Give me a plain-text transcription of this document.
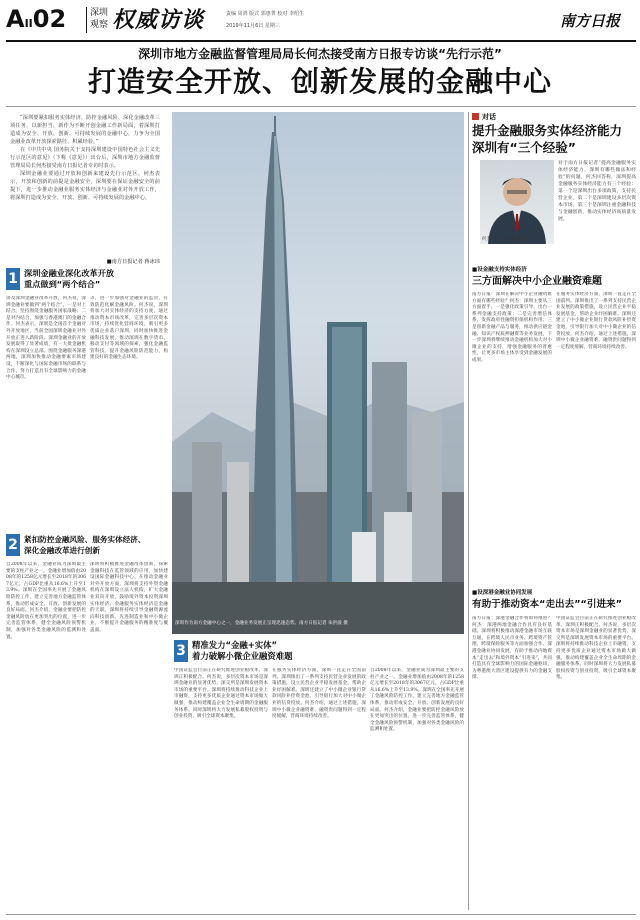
AII02	深圳
观察 权威访谈	责编 周鸿 版式 郭惠菁 校对 李绍生
2019年11月6日 星期三	南方日报
深圳市地方金融监督管理局局长何杰接受南方日报专访谈“先行示范”
打造安全开放、创新发展的金融中心

“深圳要紧扣服务实体经济、防控金融风险、深化金融改革三项任务，以新担当、新作为不断开创金融工作新局面，着深圳打造成为安全、开放、创新、可持续发展的金融中心，力争为全国金融业改革开放探索路径、积累经验。”

在《中共中央 国务院关于支持深圳建设中国特色社会主义先行示范区的意见》（下称《意见》）出台后，深圳市地方金融监督管理局局长何杰接受南方日报记者专访时表示。

深圳金融业要通过开放和创新来建设先行示范区。何杰表示，开放和创新的前提是金融安全，深圳要在保证金融安全的前提下，进一步推动金融业服务实体经济与金融业对外开放工作，将深圳打造成为安全、开放、创新、可持续发展的金融中心。

■南方日报记者 蒋冰玮
深圳作为南方金融中心之一，金融业务发展正呈现迅速态势。南方日报记者 朱洪波 摄
对话
提升金融服务实体经济能力 深圳有“三个经验”
何杰	朱洪波 摄
对于南方日报记者“提高金融服务实体经济能力，深圳有哪些做法和经验”的问题，何杰回答称，深圳提高金融服务实体经济能力有三个经验：第一个是深圳出台多项政策，支持民营企业。第二个是深圳建设多层次资本市场。第三个是深圳注重金融科技与金融创新，推动实体经济高质量发展。
■设金融支持实体经济
三方面解决中小企业融资难题
南方日报：深圳在解决中小企业融资难方面有哪些经验？何杰：深圳主要从三方面着手。一是强化政策引导，出台一系列金融支持政策；二是完善增信体系，发挥政府性融资担保机构作用；三是创新金融产品与服务，推动供应链金融、知识产权质押融资等业务发展。下一步深圳将继续推动金融机构加大对小微企业的支持，增强金融服务的普惠性，让更多市场主体享受到金融发展的成果。
在服务实体经济方面，深圳一直走在全国前列。深圳推出了一系列支持民营企业发展的政策措施，设立民营企业平稳发展基金，帮助企业纾困解难。深圳还建立了中小微企业银行贷款风险补偿资金池，引导银行加大对中小微企业的信贷投放。何杰介绍，通过上述措施，深圳中小微企业融资难、融资贵问题得到一定程度缓解，营商环境持续改善。
■设深港金融业协同发展
有助于推动资本“走出去”“引进来”
南方日报：深港金融合作将如何推进？何杰：深港两地金融合作具有良好基础。深圳将积极推动深港金融市场互联互通，在跨境人民币业务、跨境资产管理、跨境保险服务等方面加强合作。深港金融业协同发展，有助于推动内地资本“走出去”和境外资本“引进来”，共同打造具有全球影响力的国际金融枢纽，为粤港澳大湾区建设提供有力的金融支撑。
中国证监会目前正在研究推进创业板改革，深圳正积极配合。何杰说，多层次资本市场是深圳金融业的显著优势，深交所是深圳发展资本市场的重要平台。深圳将持续推动科技企业上市融资，支持更多优质企业通过资本市场做大做强，推动构建覆盖企业全生命周期的金融服务体系。同时深圳将大力发展私募股权投资与创业投资，吸引全球资本聚集。
1 深圳金融业深化改革开放
重点做到“两个结合”
谈及深圳金融业改革开放，何杰说，深圳金融业要做到“两个结合”。一是对上结合，坚持围绕金融服务国家战略；二是对内结合，加强与香港澳门的金融合作。何杰表示，深圳是全国首个金融对外开放地区，当前全国深圳金融业对外开放正进入新阶段。深圳金融业的开放发展取得了显著成绩，有一大批金融机构在深圳设立总部。围绕金融服务深港两地，深圳加快推动金融要素市场建设，不断深化与国际金融市场的联系与合作，努力打造具有全球影响力的金融中心城市。
等，进一步加强对金融业的监管，有效防范化解金融风险。何杰说，深圳将加大对实体经济的支持力度，通过推动资本市场改革，完善多层次资本市场，持续优化营商环境，吸引更多优质企业落户深圳，同时加快推进金融科技发展，推动深圳在数字货币、移动支付等领域的探索，强化金融监管科技，提升金融风险防范能力，构建良好的金融生态环境。
2 紧扣防控金融风险、服务实体经济、
深化金融改革进行创新
自2008年以来，金融业成为深圳最主要的支柱产业之一。金融业增加值由2008年的1258亿元增长至2018年的3067亿元，占GDP比重从16.6%上升至13.9%。深圳在全国率先开展了金融风险防控工作，建立完善地方金融监管体系，推动形成安全、开放、创新发展的良好局面。何杰介绍，金融业要把防控金融风险放在更加突出的位置，进一步完善监管体系，健全金融风险预警机制，加强对各类金融风险的监测和处置。
深圳将积极推进金融改革创新，探索金融科技在监管领域的应用，加快建设国际金融科技中心。在推动金融业对外开放方面，深圳将支持外资金融机构在深圳设立法人机构，扩大金融业双向开放，鼓励境外资本投资深圳实体经济。金融服务实体经济是金融的天职，深圳将持续引导金融资源流向科技创新、先进制造业和中小微企业，不断提升金融服务的精准度与覆盖面。
3 精准发力“金融+实体”
着力破解小微企业融资难题
中国证监会目前正在研究推进创业板改革，深圳正积极配合。何杰说，多层次资本市场是深圳金融业的显著优势，深交所是深圳发展资本市场的重要平台。深圳将持续推动科技企业上市融资，支持更多优质企业通过资本市场做大做强，推动构建覆盖企业全生命周期的金融服务体系。同时深圳将大力发展私募股权投资与创业投资，吸引全球资本聚集。
在服务实体经济方面，深圳一直走在全国前列。深圳推出了一系列支持民营企业发展的政策措施，设立民营企业平稳发展基金，帮助企业纾困解难。深圳还建立了中小微企业银行贷款风险补偿资金池，引导银行加大对中小微企业的信贷投放。何杰介绍，通过上述措施，深圳中小微企业融资难、融资贵问题得到一定程度缓解，营商环境持续改善。
自2008年以来，金融业成为深圳最主要的支柱产业之一。金融业增加值由2008年的1258亿元增长至2018年的3067亿元，占GDP比重从16.6%上升至13.9%。深圳在全国率先开展了金融风险防控工作，建立完善地方金融监管体系，推动形成安全、开放、创新发展的良好局面。何杰介绍，金融业要把防控金融风险放在更加突出的位置，进一步完善监管体系，健全金融风险预警机制，加强对各类金融风险的监测和处置。
